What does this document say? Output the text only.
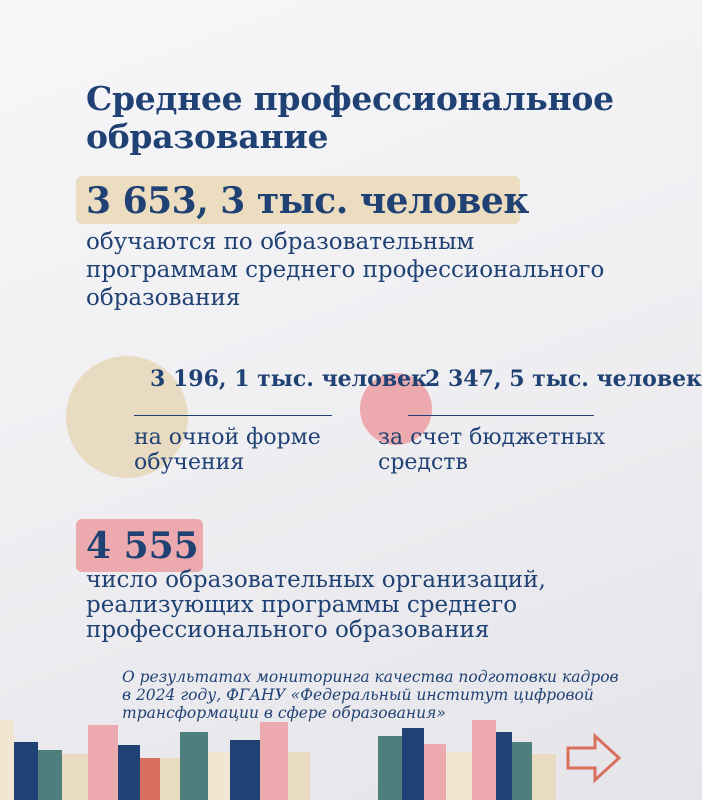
Среднее профессиональное образование

3 653, 3 тыс. человек

обучаются по образовательным программам среднего профессионального образования

3 196, 1 тыс. человек

на очной форме обучения

2 347, 5 тыс. человек

за счет бюджетных средств

4 555

число образовательных организаций, реализующих программы среднего профессионального образования

О результатах мониторинга качества подготовки кадров в 2024 году, ФГАНУ «Федеральный институт цифровой трансформации в сфере образования»
